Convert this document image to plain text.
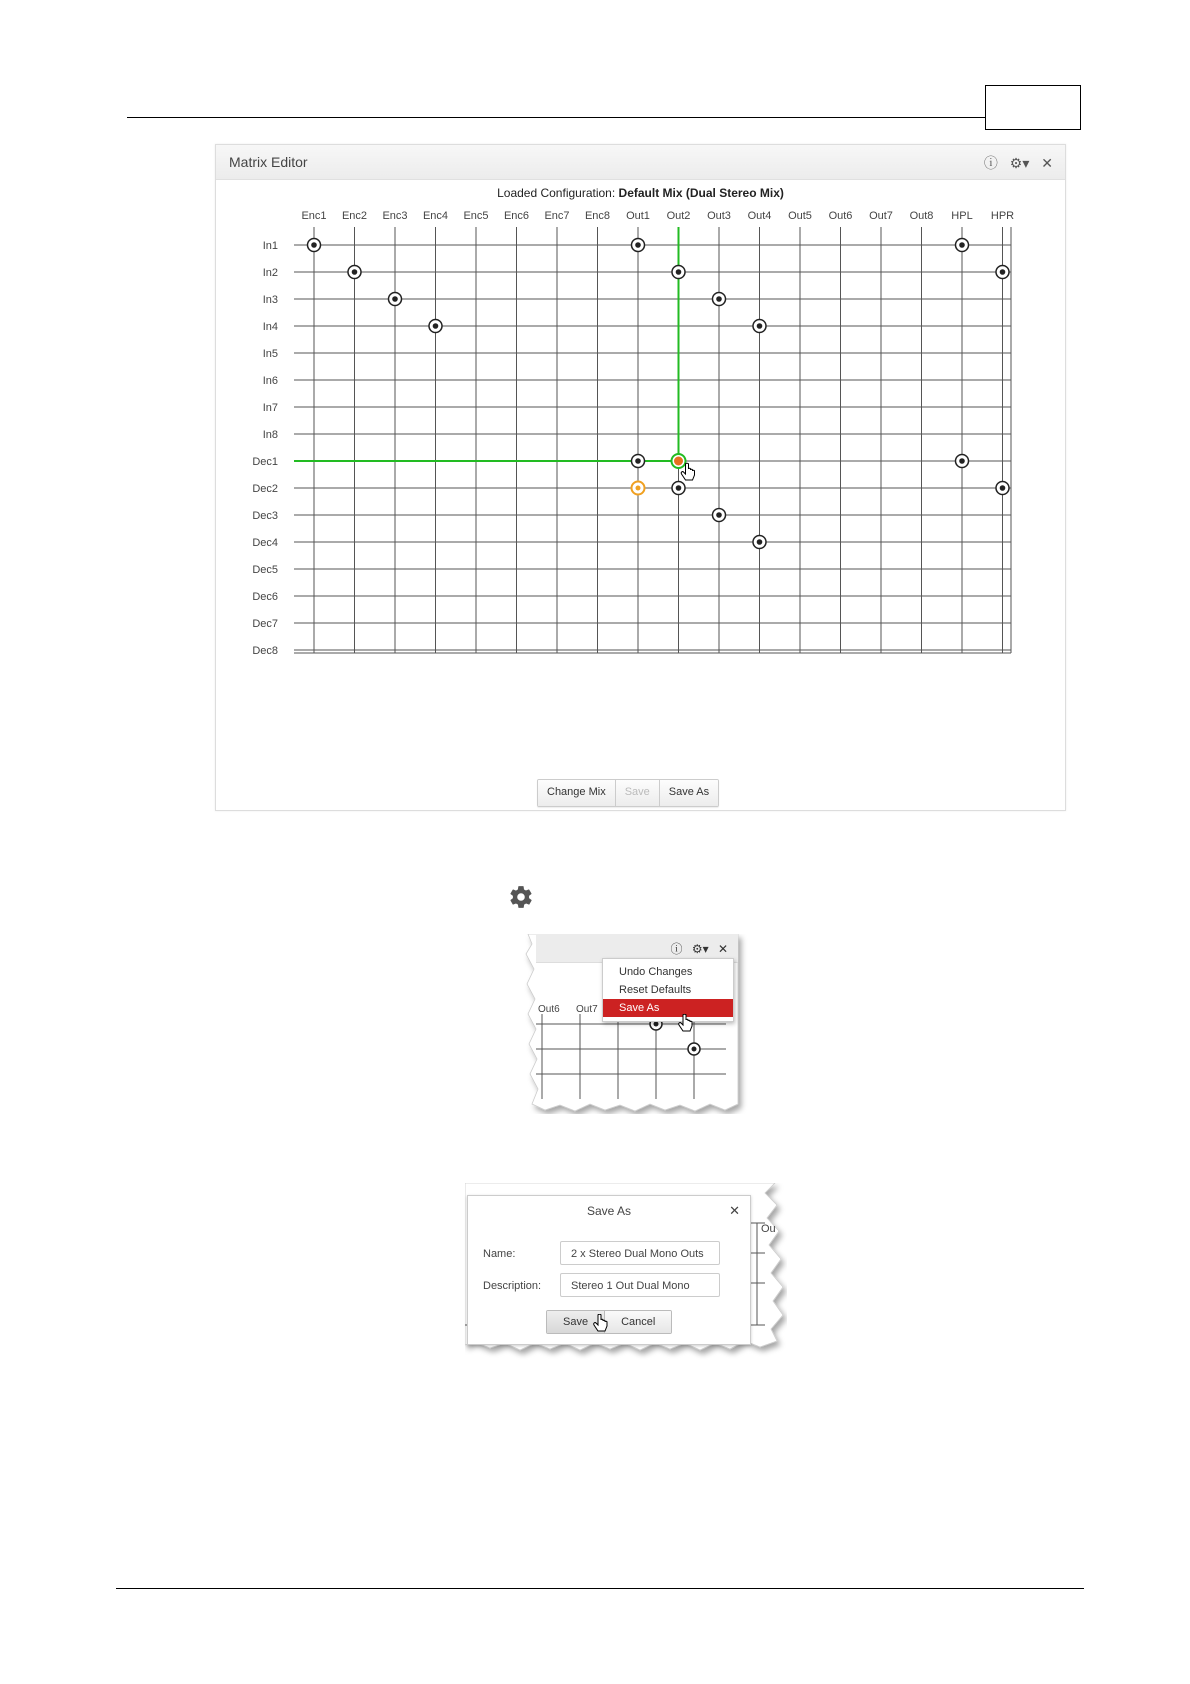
Matrix Editor	ⓘ ⚙▾ ✕
Loaded Configuration: Default Mix (Dual Stereo Mix)
Enc1 Enc2 Enc3 Enc4 Enc5 Enc6 Enc7 Enc8 Out1 Out2 Out3 Out4 Out5 Out6 Out7 Out8 HPL HPR
In1
In2
In3
In4
In5
In6
In7
In8
Dec1
Dec2
Dec3
Dec4
Dec5
Dec6
Dec7
Dec8
Change Mix	Save	Save As
ⓘ ⚙▾ ✕
Out6 Out7
Undo Changes
Reset Defaults
Save As
Ou
Save As	✕
Name:	2 x Stereo Dual Mono Outs
Description:	Stereo 1 Out Dual Mono
Save	Cancel
